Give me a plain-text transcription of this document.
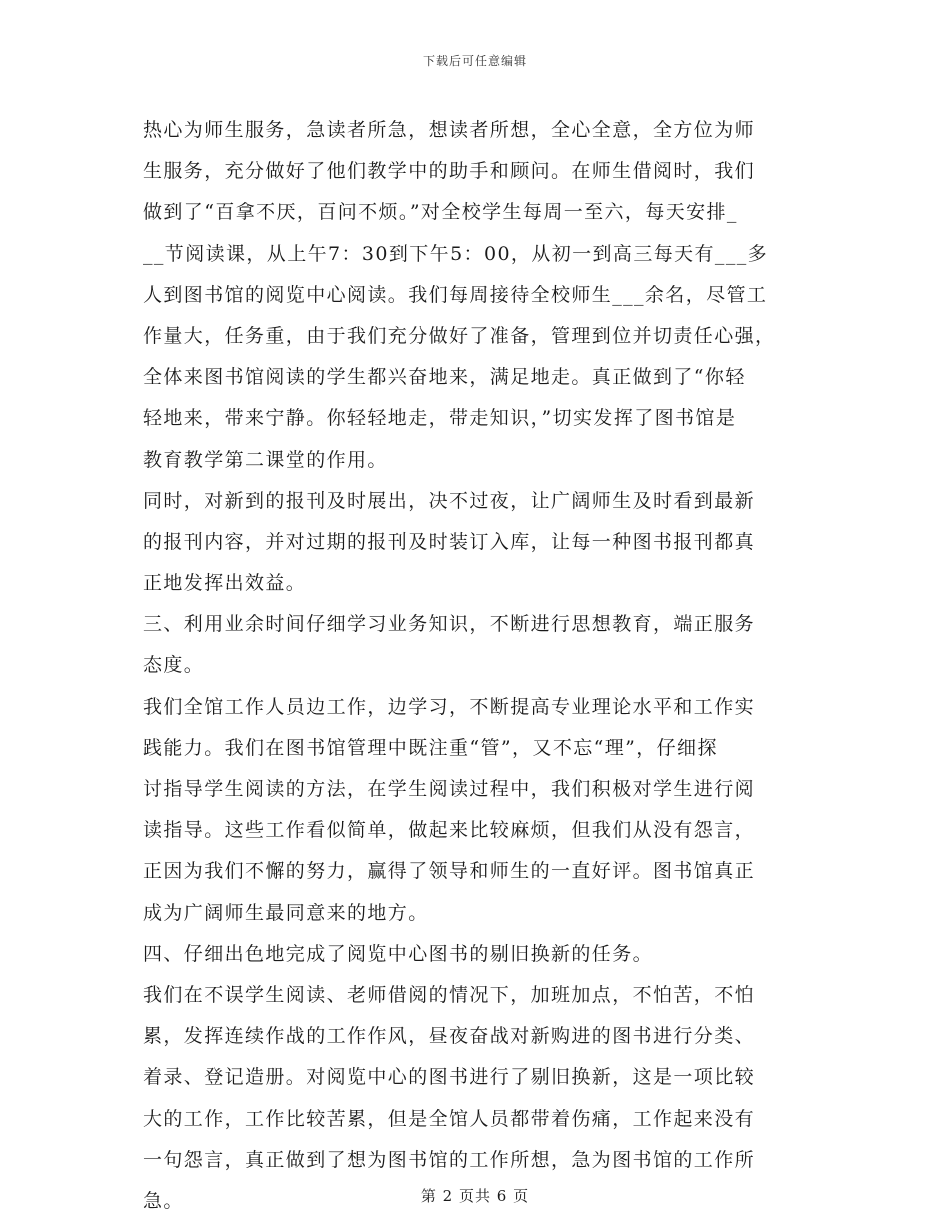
下载后可任意编辑
热心为师生服务，急读者所急，想读者所想，全心全意，全方位为师
生服务，充分做好了他们教学中的助手和顾问。在师生借阅时，我们
做到了“百拿不厌，百问不烦。”对全校学生每周一至六，每天安排_
__节阅读课，从上午7：30到下午5：00，从初一到高三每天有___多
人到图书馆的阅览中心阅读。我们每周接待全校师生___余名，尽管工
作量大，任务重，由于我们充分做好了准备，管理到位并切责任心强，
全体来图书馆阅读的学生都兴奋地来，满足地走。真正做到了“你轻
轻地来，带来宁静。你轻轻地走，带走知识，”切实发挥了图书馆是
教育教学第二课堂的作用。
同时，对新到的报刊及时展出，决不过夜，让广阔师生及时看到最新
的报刊内容，并对过期的报刊及时装订入库，让每一种图书报刊都真
正地发挥出效益。
三、利用业余时间仔细学习业务知识，不断进行思想教育，端正服务
态度。
我们全馆工作人员边工作，边学习，不断提高专业理论水平和工作实
践能力。我们在图书馆管理中既注重“管”，又不忘“理”，仔细探
讨指导学生阅读的方法，在学生阅读过程中，我们积极对学生进行阅
读指导。这些工作看似简单，做起来比较麻烦，但我们从没有怨言，
正因为我们不懈的努力，赢得了领导和师生的一直好评。图书馆真正
成为广阔师生最同意来的地方。
四、仔细出色地完成了阅览中心图书的剔旧换新的任务。
我们在不误学生阅读、老师借阅的情况下，加班加点，不怕苦，不怕
累，发挥连续作战的工作作风，昼夜奋战对新购进的图书进行分类、
着录、登记造册。对阅览中心的图书进行了剔旧换新，这是一项比较
大的工作，工作比较苦累，但是全馆人员都带着伤痛，工作起来没有
一句怨言，真正做到了想为图书馆的工作所想，急为图书馆的工作所
急。	第 2 页共 6 页
